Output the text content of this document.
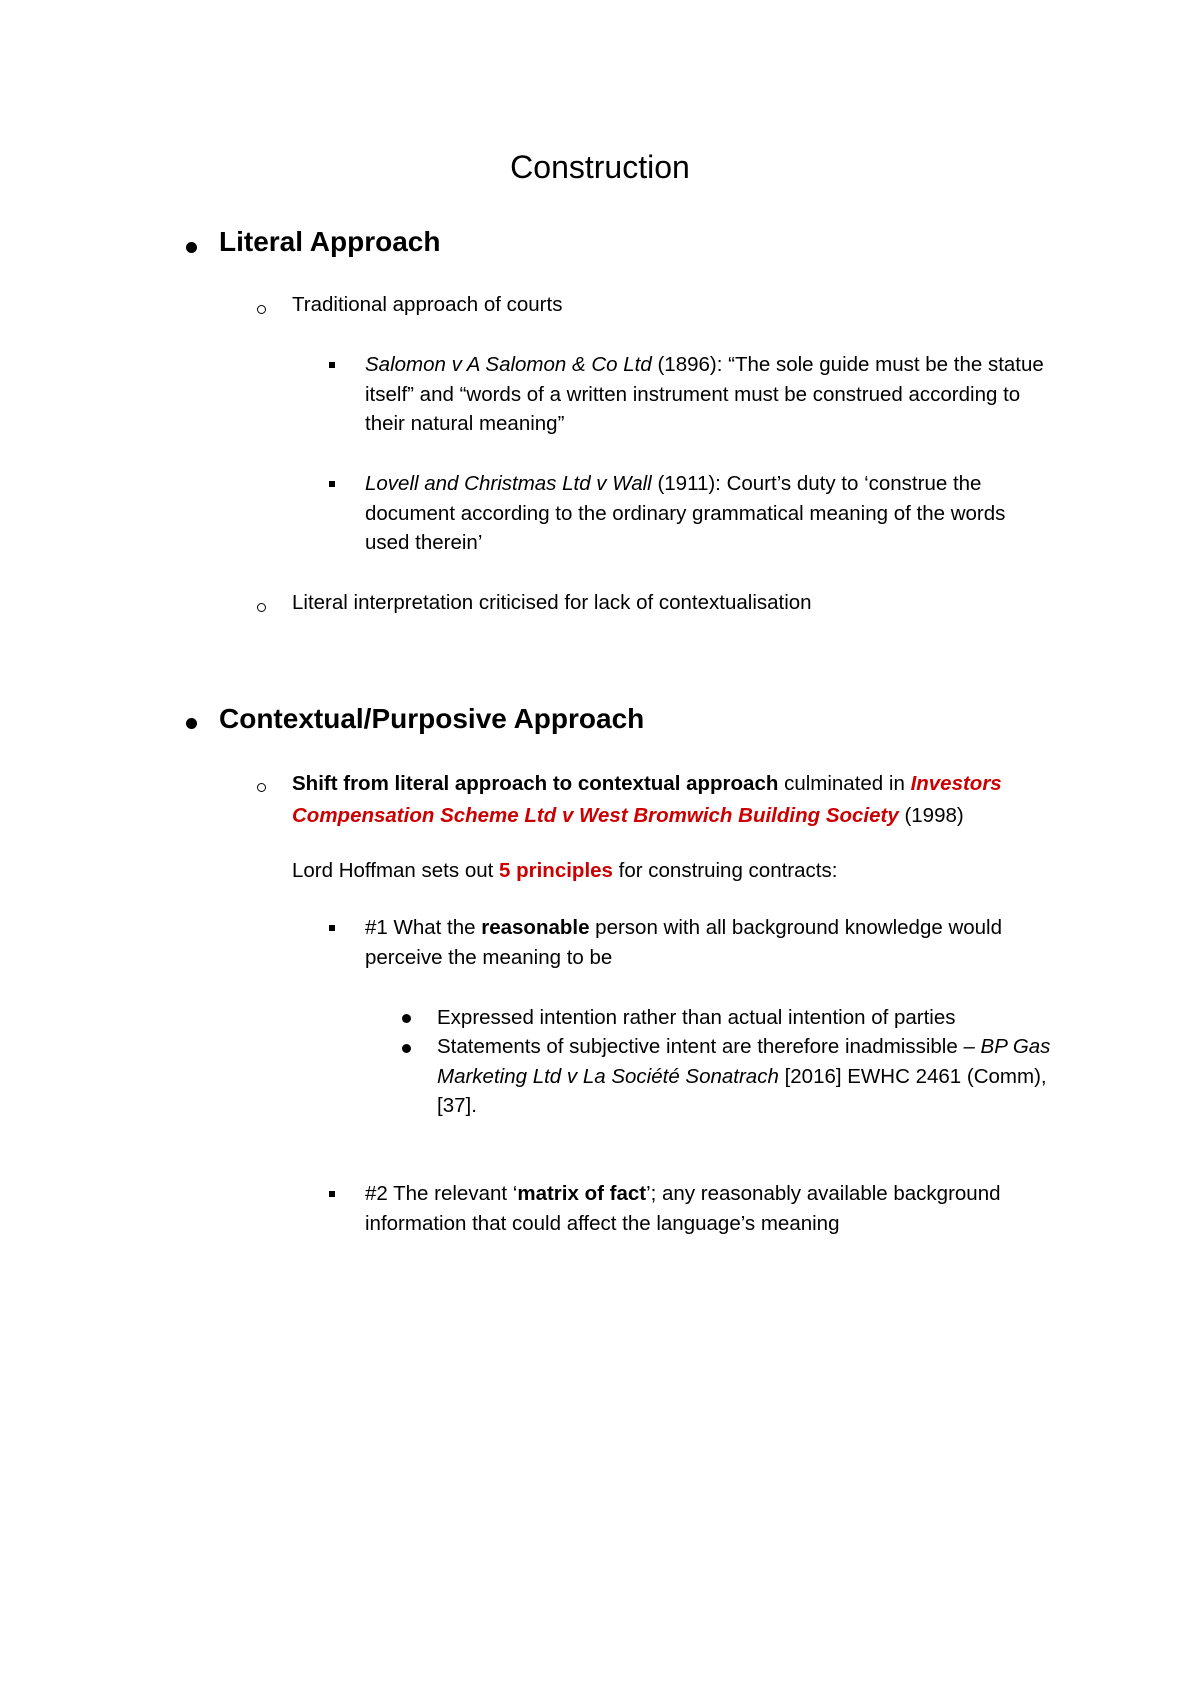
Construction
Literal Approach
Traditional approach of courts
Salomon v A Salomon & Co Ltd (1896): “The sole guide must be the statue itself” and “words of a written instrument must be construed according to their natural meaning”
Lovell and Christmas Ltd v Wall (1911): Court’s duty to ‘construe the document according to the ordinary grammatical meaning of the words used therein’
Literal interpretation criticised for lack of contextualisation
Contextual/Purposive Approach
Shift from literal approach to contextual approach culminated in Investors Compensation Scheme Ltd v West Bromwich Building Society (1998)
Lord Hoffman sets out 5 principles for construing contracts:
#1 What the reasonable person with all background knowledge would perceive the meaning to be
Expressed intention rather than actual intention of parties
Statements of subjective intent are therefore inadmissible – BP Gas Marketing Ltd v La Société Sonatrach [2016] EWHC 2461 (Comm), [37].
#2 The relevant ‘matrix of fact’; any reasonably available background information that could affect the language’s meaning
